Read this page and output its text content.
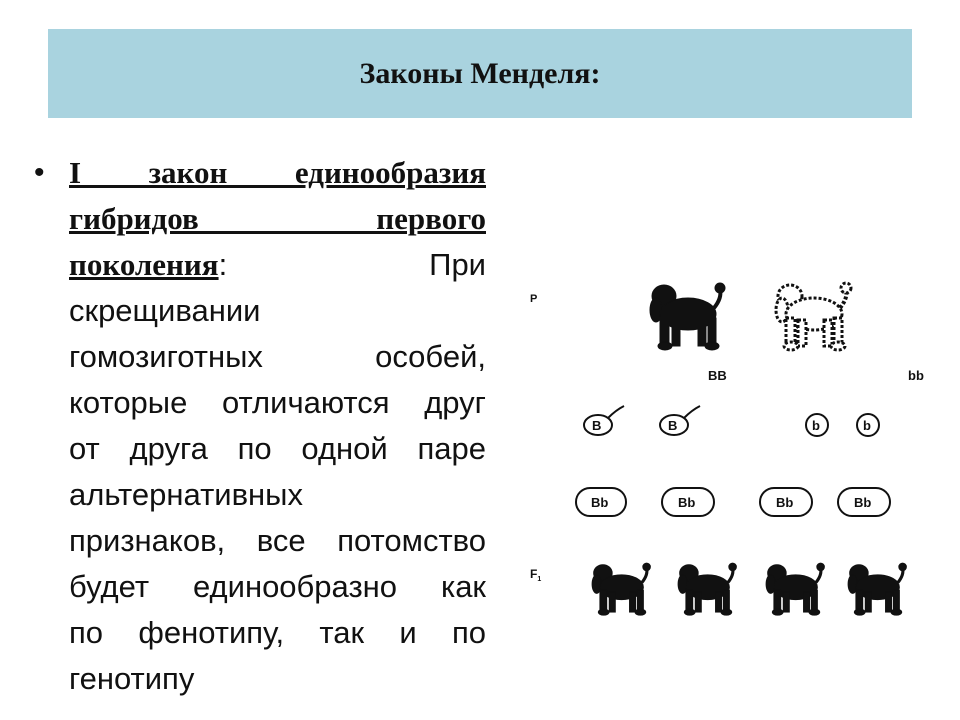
Законы Менделя:
• I закон единообразия
гибридов первого
поколения:	При
скрещивании
гомозиготных особей,
которые отличаются друг
от друга по одной паре
альтернативных
признаков, все потомство
будет единообразно как
по фенотипу, так и по
генотипу
P
BB	bb
B	B	b	b
Bb	Bb	Bb	Bb
$F_1$
